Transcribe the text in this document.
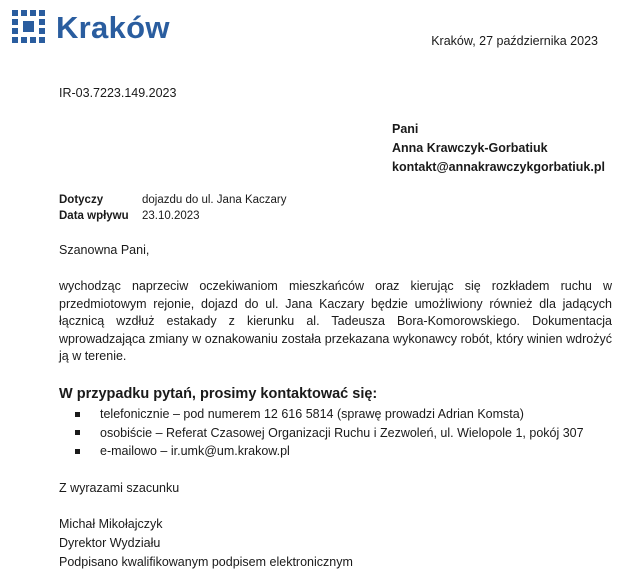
Kraków	Kraków, 27 października 2023
IR-03.7223.149.2023
Pani
Anna Krawczyk-Gorbatiuk
kontakt@annakrawczykgorbatiuk.pl
Dotyczy	dojazdu do ul. Jana Kaczary
Data wpływu	23.10.2023
Szanowna Pani,
wychodząc naprzeciw oczekiwaniom mieszkańców oraz kierując się rozkładem ruchu w przedmiotowym rejonie, dojazd do ul. Jana Kaczary będzie umożliwiony również dla jadących łącznicą wzdłuż estakady z kierunku al. Tadeusza Bora-Komorowskiego. Dokumentacja wprowadzająca zmiany w oznakowaniu została przekazana wykonawcy robót, który winien wdrożyć ją w terenie.
W przypadku pytań, prosimy kontaktować się:
telefonicznie – pod numerem 12 616 5814 (sprawę prowadzi Adrian Komsta)
osobiście – Referat Czasowej Organizacji Ruchu i Zezwoleń, ul. Wielopole 1, pokój 307
e-mailowo – ir.umk@um.krakow.pl
Z wyrazami szacunku
Michał Mikołajczyk
Dyrektor Wydziału
Podpisano kwalifikowanym podpisem elektronicznym
